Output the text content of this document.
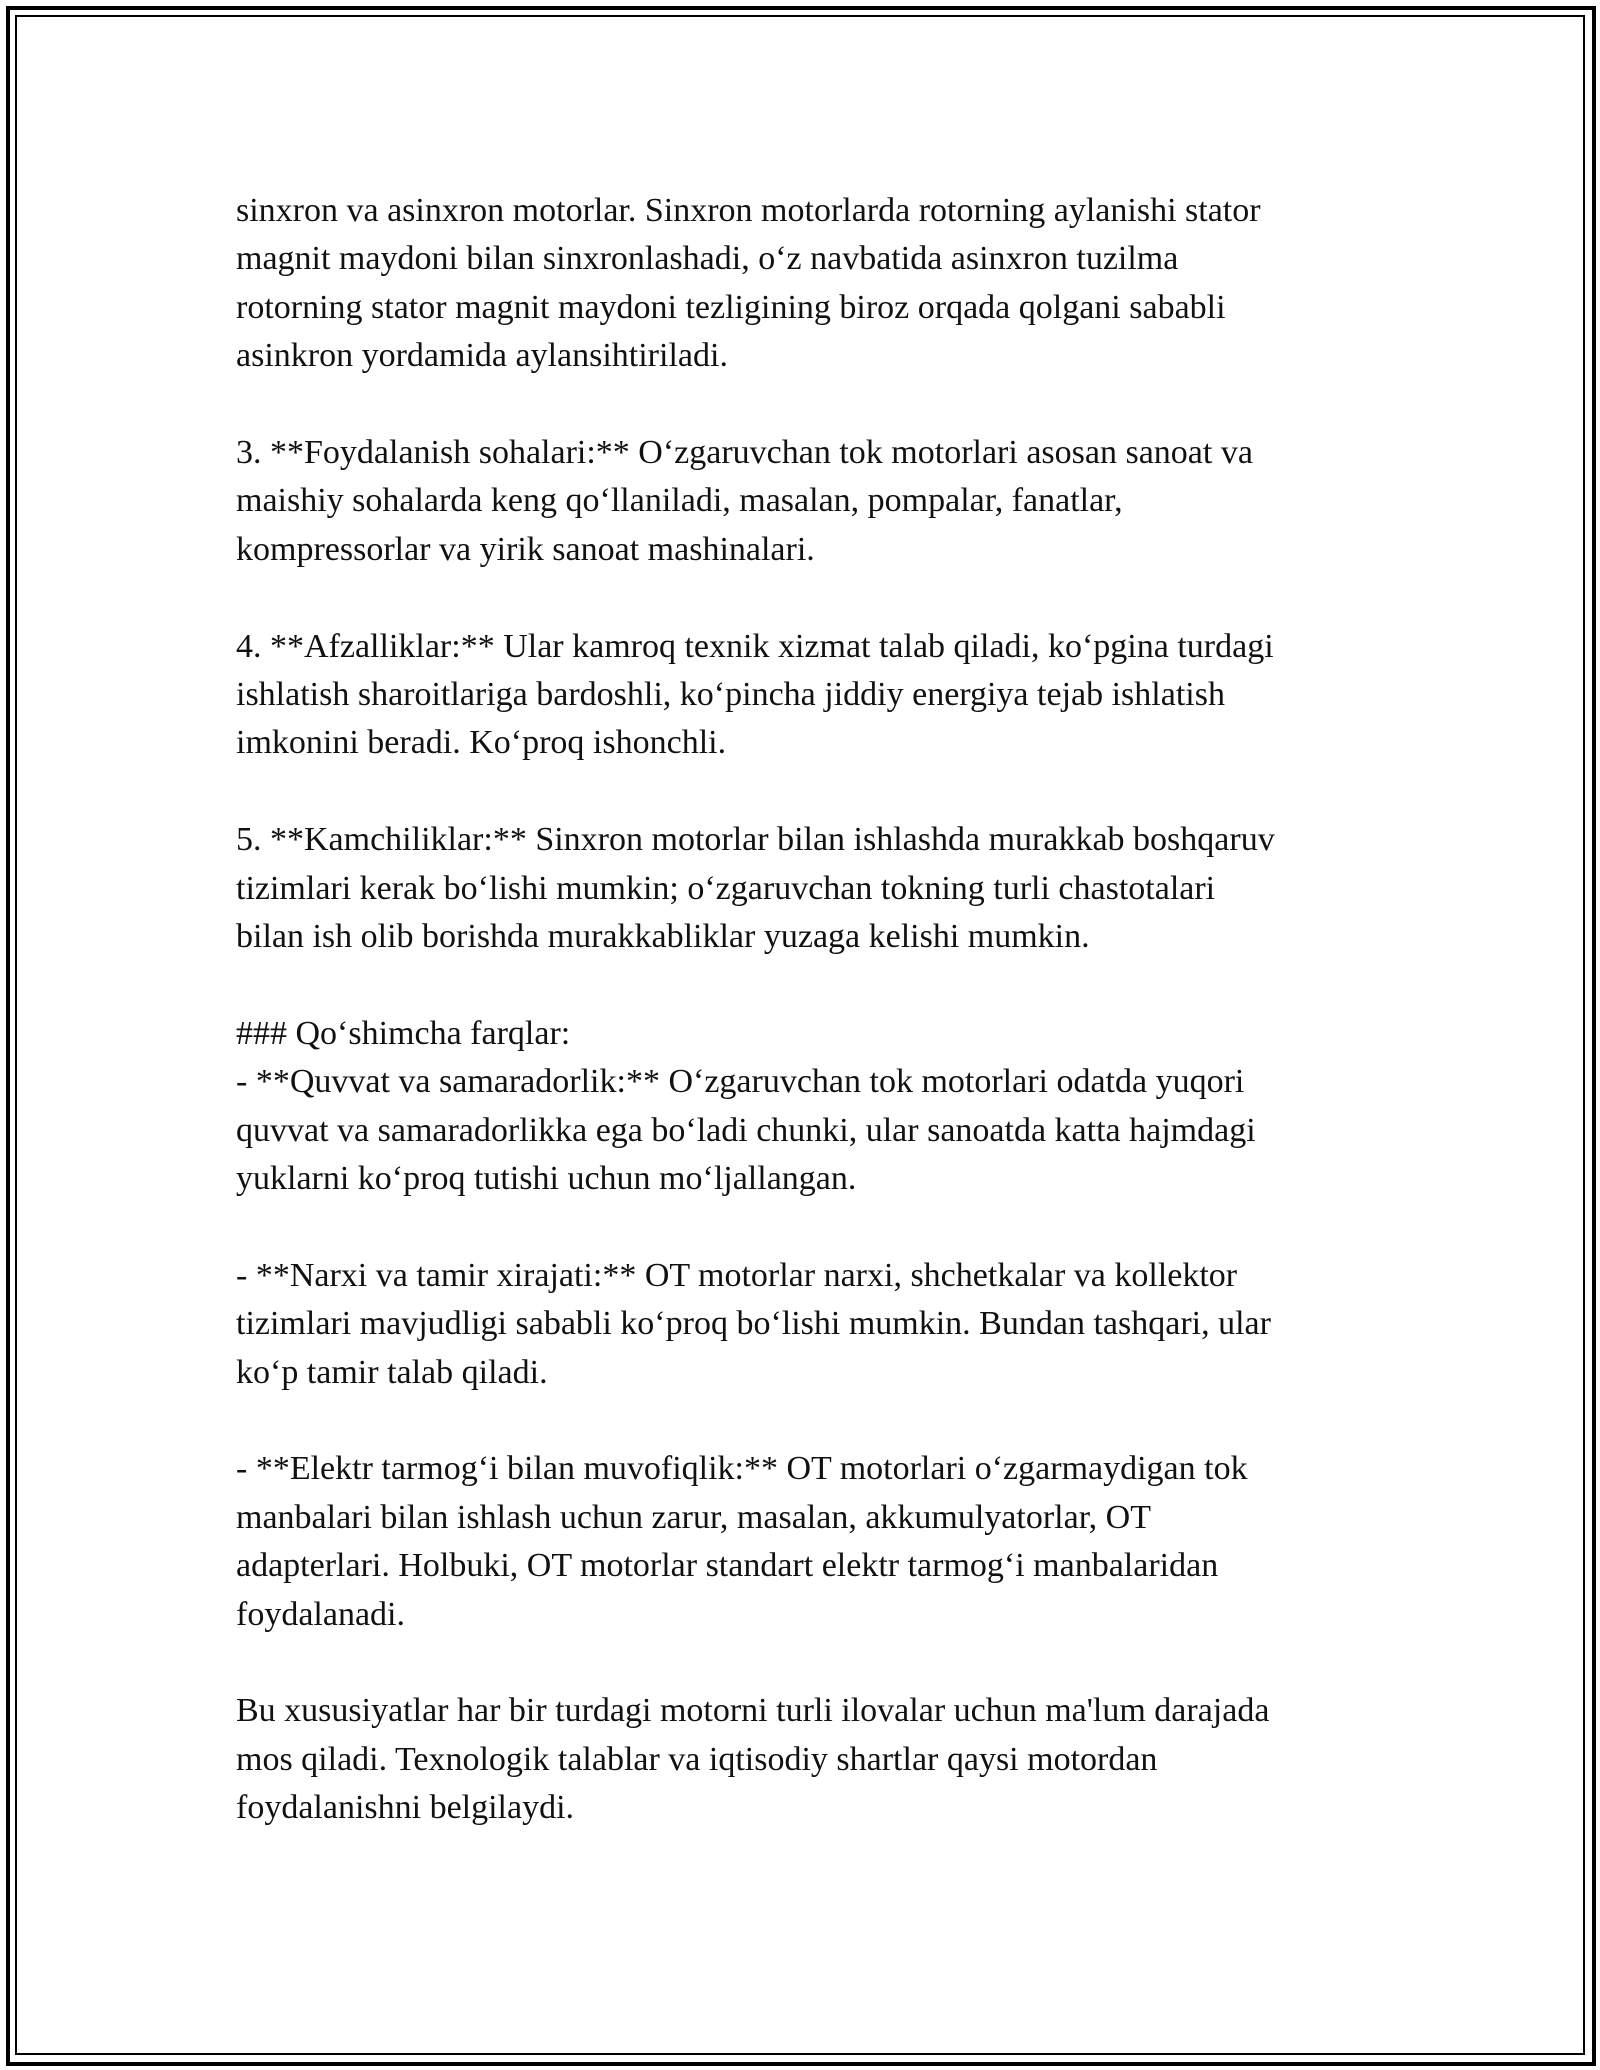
sinxron va asinxron motorlar. Sinxron motorlarda rotorning aylanishi stator
magnit maydoni bilan sinxronlashadi, o‘z navbatida asinxron tuzilma
rotorning stator magnit maydoni tezligining biroz orqada qolgani sababli
asinkron yordamida aylansihtiriladi.

3. **Foydalanish sohalari:** O‘zgaruvchan tok motorlari asosan sanoat va
maishiy sohalarda keng qo‘llaniladi, masalan, pompalar, fanatlar,
kompressorlar va yirik sanoat mashinalari.

4. **Afzalliklar:** Ular kamroq texnik xizmat talab qiladi, ko‘pgina turdagi
ishlatish sharoitlariga bardoshli, ko‘pincha jiddiy energiya tejab ishlatish
imkonini beradi. Ko‘proq ishonchli.

5. **Kamchiliklar:** Sinxron motorlar bilan ishlashda murakkab boshqaruv
tizimlari kerak bo‘lishi mumkin; o‘zgaruvchan tokning turli chastotalari
bilan ish olib borishda murakkabliklar yuzaga kelishi mumkin.

### Qo‘shimcha farqlar:

- **Quvvat va samaradorlik:** O‘zgaruvchan tok motorlari odatda yuqori
quvvat va samaradorlikka ega bo‘ladi chunki, ular sanoatda katta hajmdagi
yuklarni ko‘proq tutishi uchun mo‘ljallangan.

- **Narxi va tamir xirajati:** OT motorlar narxi, shchetkalar va kollektor
tizimlari mavjudligi sababli ko‘proq bo‘lishi mumkin. Bundan tashqari, ular
ko‘p tamir talab qiladi.

- **Elektr tarmog‘i bilan muvofiqlik:** OT motorlari o‘zgarmaydigan tok
manbalari bilan ishlash uchun zarur, masalan, akkumulyatorlar, OT
adapterlari. Holbuki, OT motorlar standart elektr tarmog‘i manbalaridan
foydalanadi.

Bu xususiyatlar har bir turdagi motorni turli ilovalar uchun ma'lum darajada
mos qiladi. Texnologik talablar va iqtisodiy shartlar qaysi motordan
foydalanishni belgilaydi.
